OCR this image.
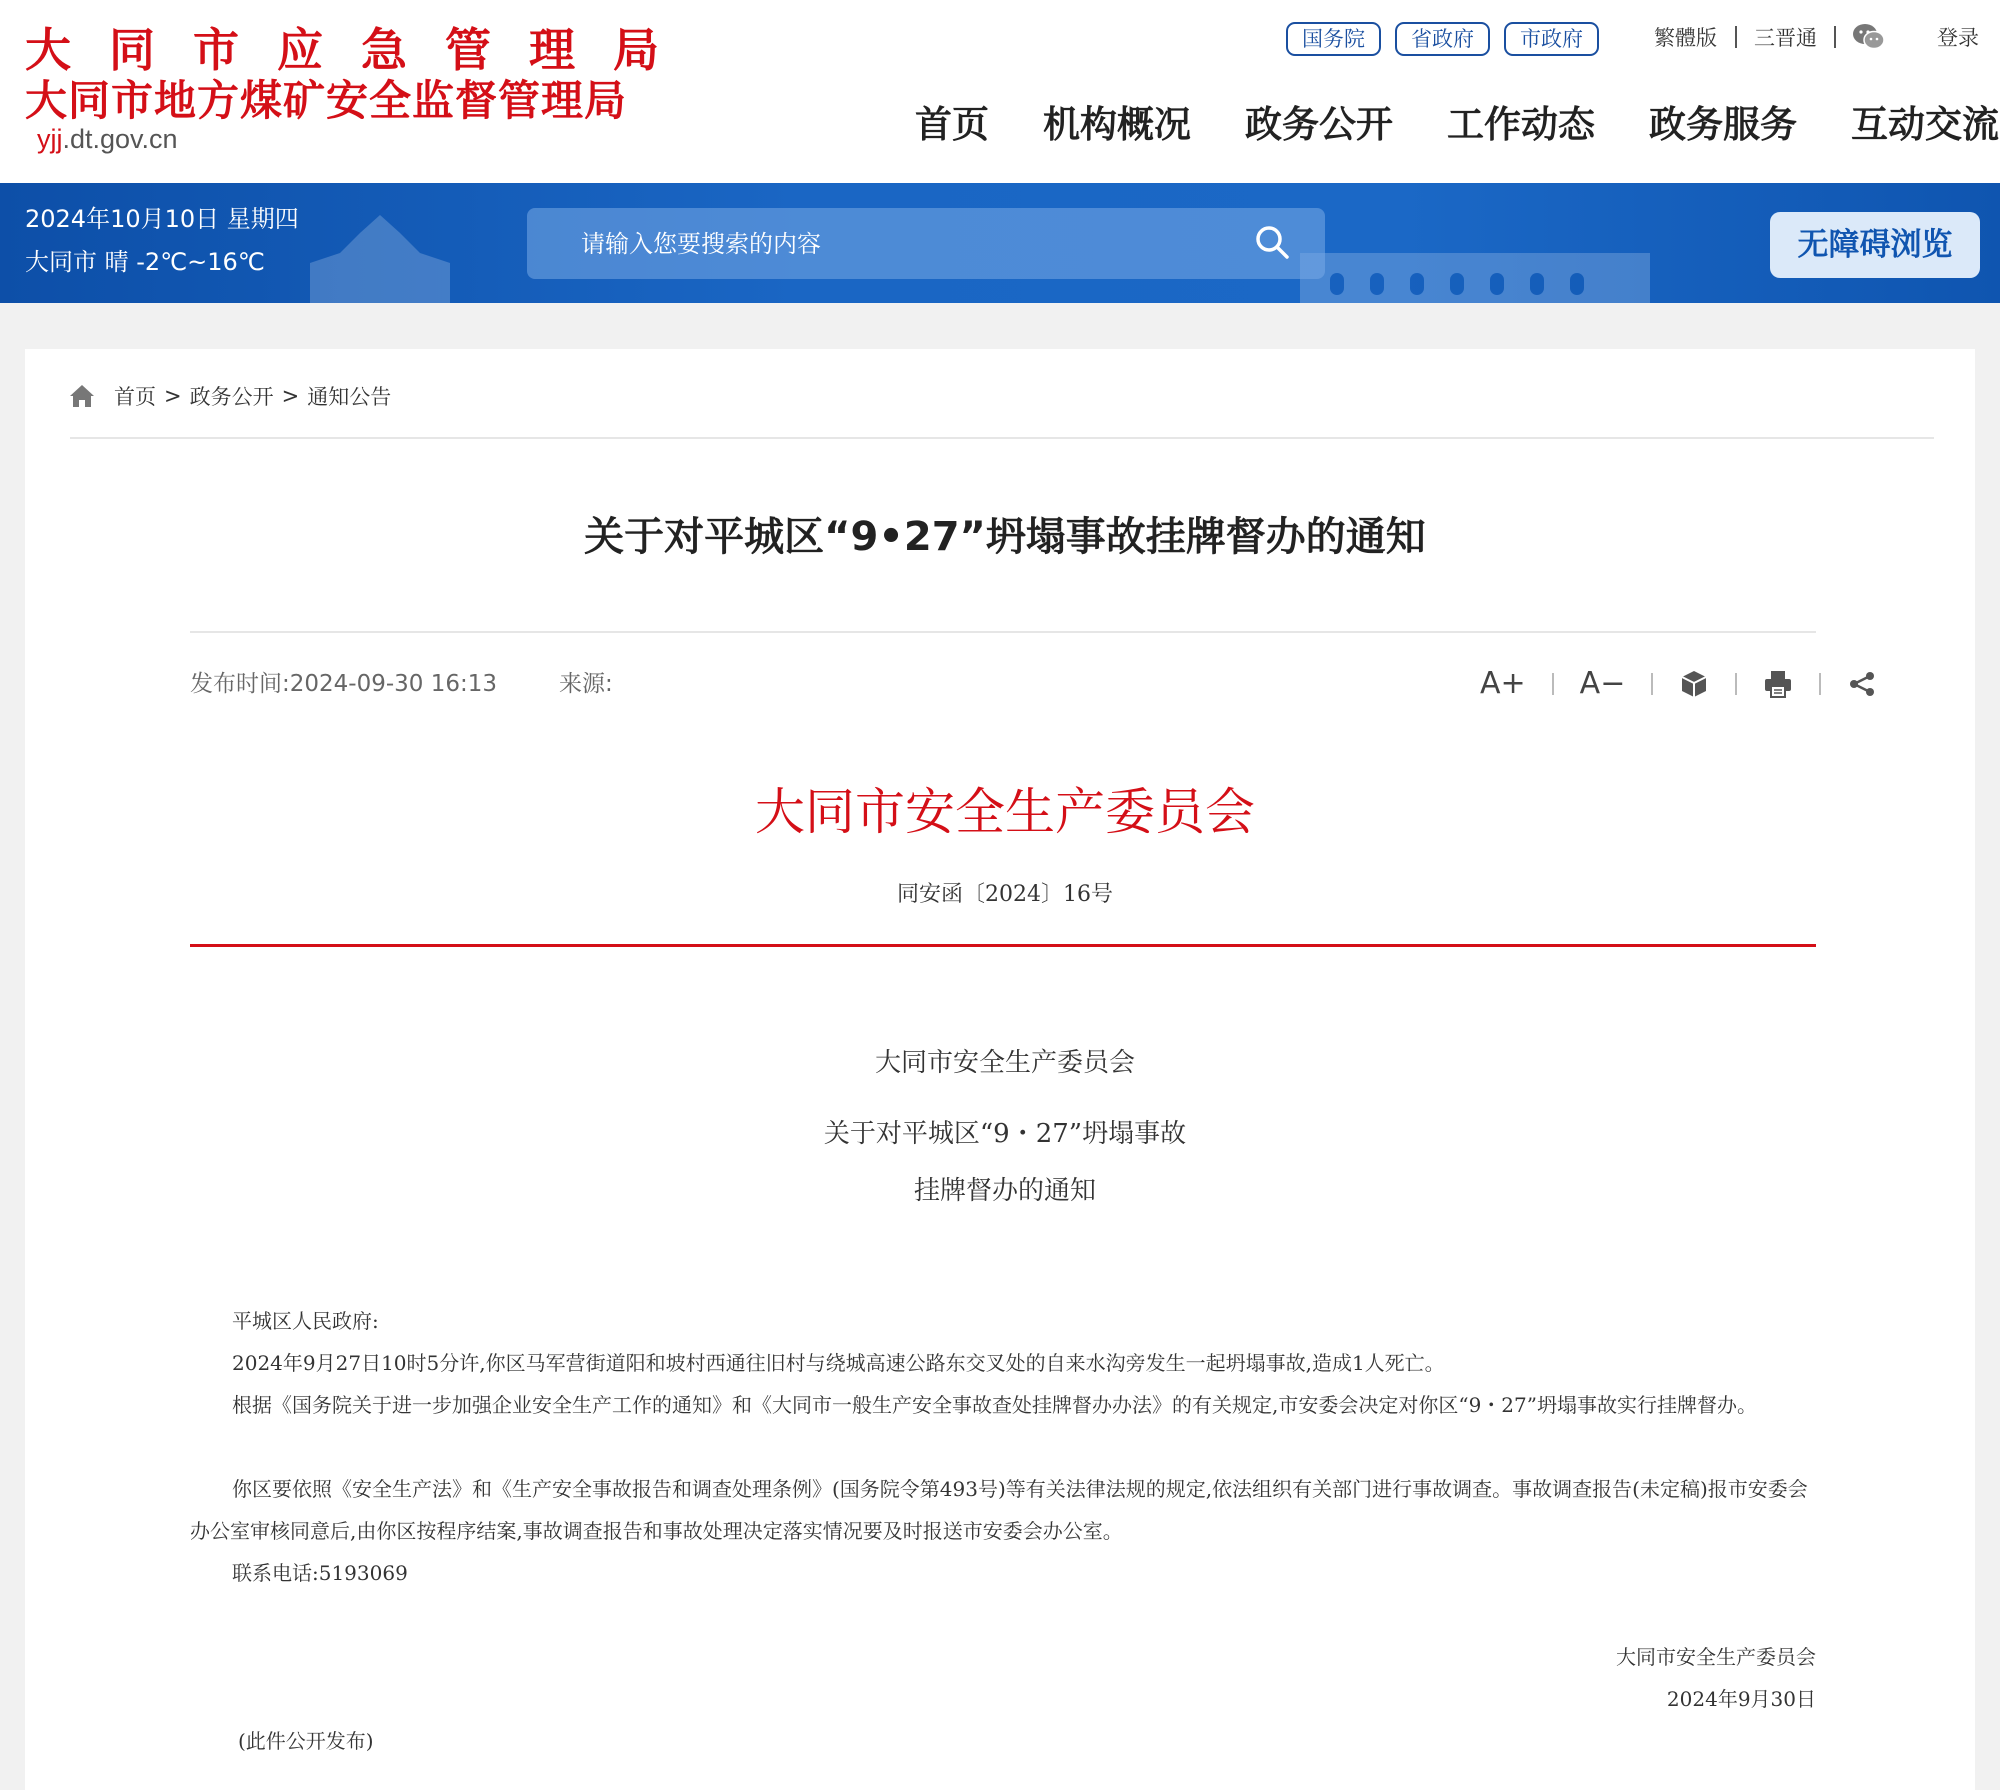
大同市应急管理局
大同市地方煤矿安全监督管理局
yjj.dt.gov.cn
国务院	省政府	市政府	繁體版 三晋通	登录
首页 机构概况 政务公开 工作动态 政务服务 互动交流
2024年10月10日 星期四
大同市 晴 -2℃~16℃
请输入您要搜索的内容	无障碍浏览
首页 > 政务公开 > 通知公告
关于对平城区“9•27”坍塌事故挂牌督办的通知
发布时间:2024-09-30 16:13	来源:	A+ A−
大同市安全生产委员会
同安函〔2024〕16号
大同市安全生产委员会
关于对平城区“9・27”坍塌事故
挂牌督办的通知
平城区人民政府:
2024年9月27日10时5分许,你区马军营街道阳和坡村西通往旧村与绕城高速公路东交叉处的自来水沟旁发生一起坍塌事故,造成1人死亡。
根据《国务院关于进一步加强企业安全生产工作的通知》和《大同市一般生产安全事故查处挂牌督办办法》的有关规定,市安委会决定对你区“9・27”坍塌事故实行挂牌督办。
你区要依照《安全生产法》和《生产安全事故报告和调查处理条例》(国务院令第493号)等有关法律法规的规定,依法组织有关部门进行事故调查。事故调查报告(未定稿)报市安委会办公室审核同意后,由你区按程序结案,事故调查报告和事故处理决定落实情况要及时报送市安委会办公室。
联系电话:5193069
大同市安全生产委员会
2024年9月30日
(此件公开发布)
